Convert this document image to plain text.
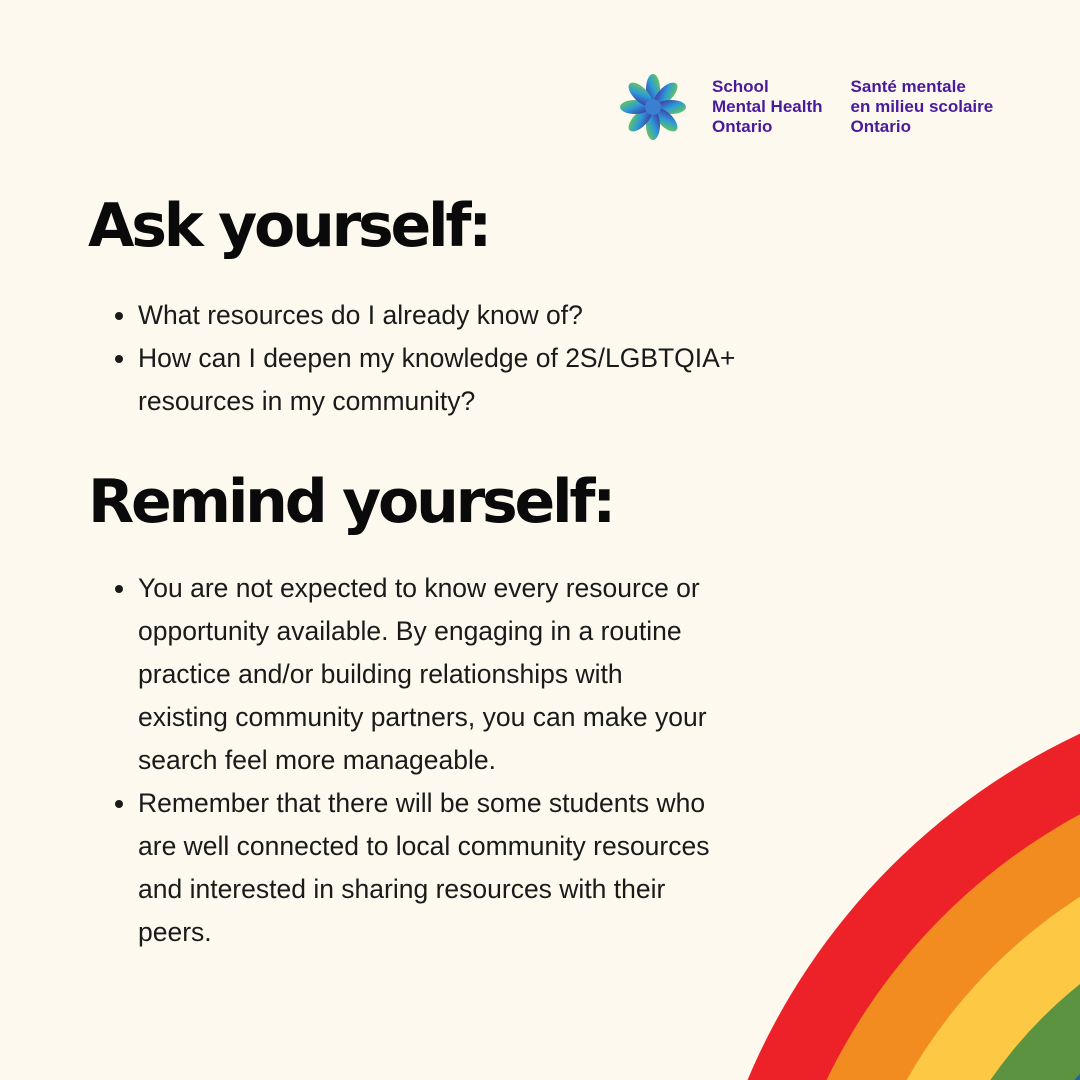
School
Mental Health
Ontario
Santé mentale
en milieu scolaire
Ontario
Ask yourself:
• What resources do I already know of?
• How can I deepen my knowledge of 2S/LGBTQIA+ resources in my community?
Remind yourself:
• You are not expected to know every resource or opportunity available. By engaging in a routine practice and/or building relationships with existing community partners, you can make your search feel more manageable.
• Remember that there will be some students who are well connected to local community resources and interested in sharing resources with their peers.
